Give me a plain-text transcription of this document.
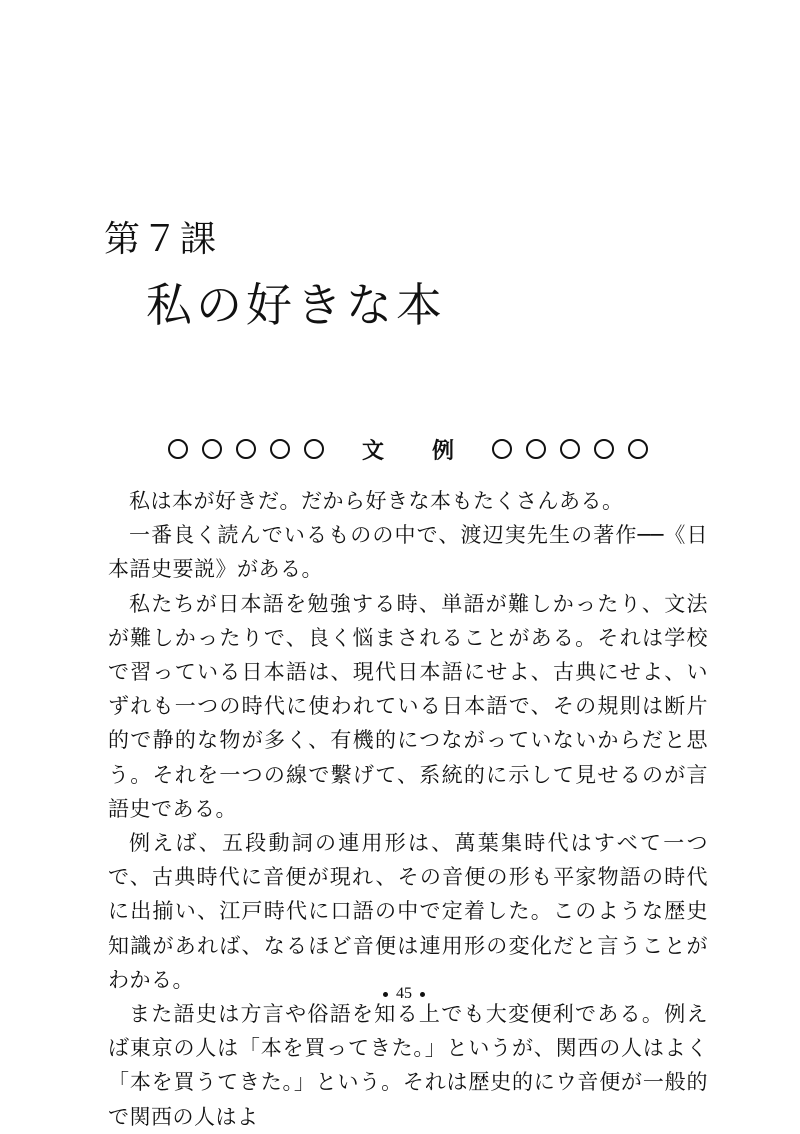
第７課
私の好きな本
文 例

私は本が好きだ。だから好きな本もたくさんある。

一番良く読んでいるものの中で、渡辺実先生の著作──《日本語史要説》がある。

私たちが日本語を勉強する時、単語が難しかったり、文法が難しかったりで、良く悩まされることがある。それは学校で習っている日本語は、現代日本語にせよ、古典にせよ、いずれも一つの時代に使われている日本語で、その規則は断片的で静的な物が多く、有機的につながっていないからだと思う。それを一つの線で繫げて、系統的に示して見せるのが言語史である。

例えば、五段動詞の連用形は、萬葉集時代はすべて一つで、古典時代に音便が現れ、その音便の形も平家物語の時代に出揃い、江戸時代に口語の中で定着した。このような歴史知識があれば、なるほど音便は連用形の変化だと言うことがわかる。

また語史は方言や俗語を知る上でも大変便利である。例えば東京の人は「本を買ってきた。」というが、関西の人はよく「本を買うてきた。」という。それは歴史的にウ音便が一般的で関西の人はよ

45
